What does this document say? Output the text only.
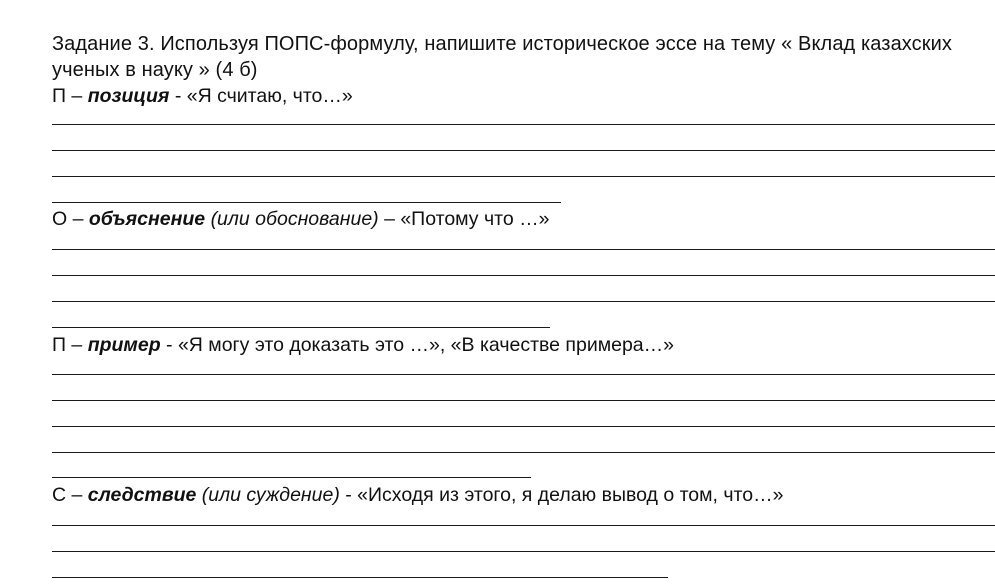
Задание 3. Используя ПОПС-формулу, напишите историческое эссе на тему « Вклад казахских ученых в науку » (4 б)

П – позиция - «Я считаю, что…»
О – объяснение (или обоснование) – «Потому что …»
П – пример - «Я могу это доказать это …», «В качестве примера…»
С – следствие (или суждение) - «Исходя из этого, я делаю вывод о том, что…»
